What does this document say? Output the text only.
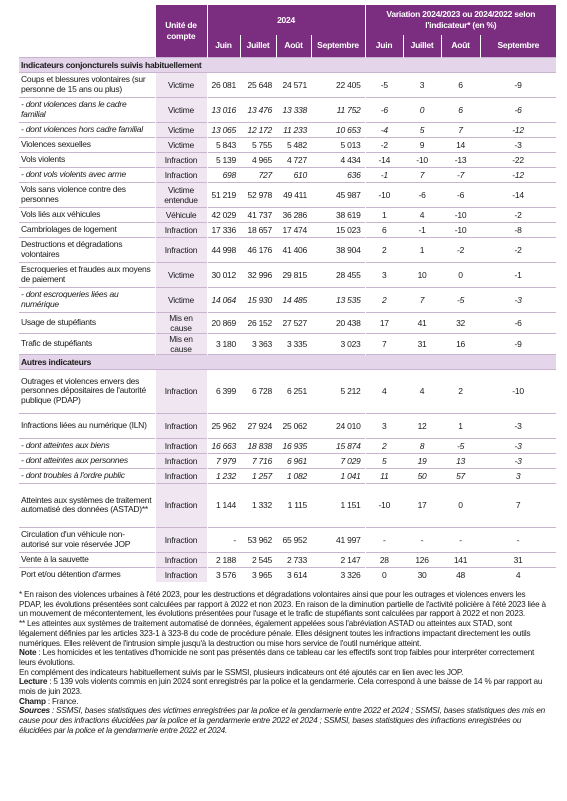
	Unité de compte	2024				Variation 2024/2023 ou 2024/2022 selon l'indicateur* (en %)			
		Juin	Juillet	Août	Septembre	Juin	Juillet	Août	Septembre
Indicateurs conjoncturels suivis habituellement									
Coups et blessures volontaires (sur personne de 15 ans ou plus)	Victime	26 081	25 648	24 571	22 405	-5	3	6	-9
- dont violences dans le cadre familial	Victime	13 016	13 476	13 338	11 752	-6	0	6	-6
- dont violences hors cadre familial	Victime	13 065	12 172	11 233	10 653	-4	5	7	-12
Violences sexuelles	Victime	5 843	5 755	5 482	5 013	-2	9	14	-3
Vols violents	Infraction	5 139	4 965	4 727	4 434	-14	-10	-13	-22
- dont vols violents avec arme	Infraction	698	727	610	636	-1	7	-7	-12
Vols sans violence contre des personnes	Victime entendue	51 219	52 978	49 411	45 987	-10	-6	-6	-14
Vols liés aux véhicules	Véhicule	42 029	41 737	36 286	38 619	1	4	-10	-2
Cambriolages de logement	Infraction	17 336	18 657	17 474	15 023	6	-1	-10	-8
Destructions et dégradations volontaires	Infraction	44 998	46 176	41 406	38 904	2	1	-2	-2
Escroqueries et fraudes aux moyens de paiement	Victime	30 012	32 996	29 815	28 455	3	10	0	-1
- dont escroqueries liées au numérique	Victime	14 064	15 930	14 485	13 535	2	7	-5	-3
Usage de stupéfiants	Mis en cause	20 869	26 152	27 527	20 438	17	41	32	-6
Trafic de stupéfiants	Mis en cause	3 180	3 363	3 335	3 023	7	31	16	-9
Autres indicateurs									
Outrages et violences envers des personnes dépositaires de l'autorité publique (PDAP)	Infraction	6 399	6 728	6 251	5 212	4	4	2	-10
Infractions liées au numérique (ILN)	Infraction	25 962	27 924	25 062	24 010	3	12	1	-3
- dont atteintes aux biens	Infraction	16 663	18 838	16 935	15 874	2	8	-5	-3
- dont atteintes aux personnes	Infraction	7 979	7 716	6 961	7 029	5	19	13	-3
- dont troubles à l'ordre public	Infraction	1 232	1 257	1 082	1 041	11	50	57	3
Atteintes aux systèmes de traitement automatisé des données (ASTAD)**	Infraction	1 144	1 332	1 115	1 151	-10	17	0	7
Circulation d'un véhicule non-autorisé sur voie réservée JOP	Infraction	-	53 962	65 952	41 997	-	-	-	-
Vente à la sauvette	Infraction	2 188	2 545	2 733	2 147	28	126	141	31
Port et/ou détention d'armes	Infraction	3 576	3 965	3 614	3 326	0	30	48	4

* En raison des violences urbaines à l'été 2023, pour les destructions et dégradations volontaires ainsi que pour les outrages et violences envers les PDAP, les évolutions présentées sont calculées par rapport à 2022 et non 2023. En raison de la diminution partielle de l'activité policière à l'été 2023 liée à un mouvement de mécontentement, les évolutions présentées pour l'usage et le trafic de stupéfiants sont calculées par rapport à 2022 et non 2023.

** Les atteintes aux systèmes de traitement automatisé de données, également appelées sous l'abréviation ASTAD ou atteintes aux STAD, sont légalement définies par les articles 323-1 à 323-8 du code de procédure pénale. Elles désignent toutes les infractions impactant directement les outils numériques. Elles relèvent de l'intrusion simple jusqu'à la destruction ou mise hors service de l'outil numérique atteint.

Note : Les homicides et les tentatives d'homicide ne sont pas présentés dans ce tableau car les effectifs sont trop faibles pour interpréter correctement leurs évolutions.

En complément des indicateurs habituellement suivis par le SSMSI, plusieurs indicateurs ont été ajoutés car en lien avec les JOP.

Lecture : 5 139 vols violents commis en juin 2024 sont enregistrés par la police et la gendarmerie. Cela correspond à une baisse de 14 % par rapport au mois de juin 2023.

Champ : France.

Sources : SSMSI, bases statistiques des victimes enregistrées par la police et la gendarmerie entre 2022 et 2024 ; SSMSI, bases statistiques des mis en cause pour des infractions élucidées par la police et la gendarmerie entre 2022 et 2024 ; SSMSI, bases statistiques des infractions enregistrées ou élucidées par la police et la gendarmerie entre 2022 et 2024.
